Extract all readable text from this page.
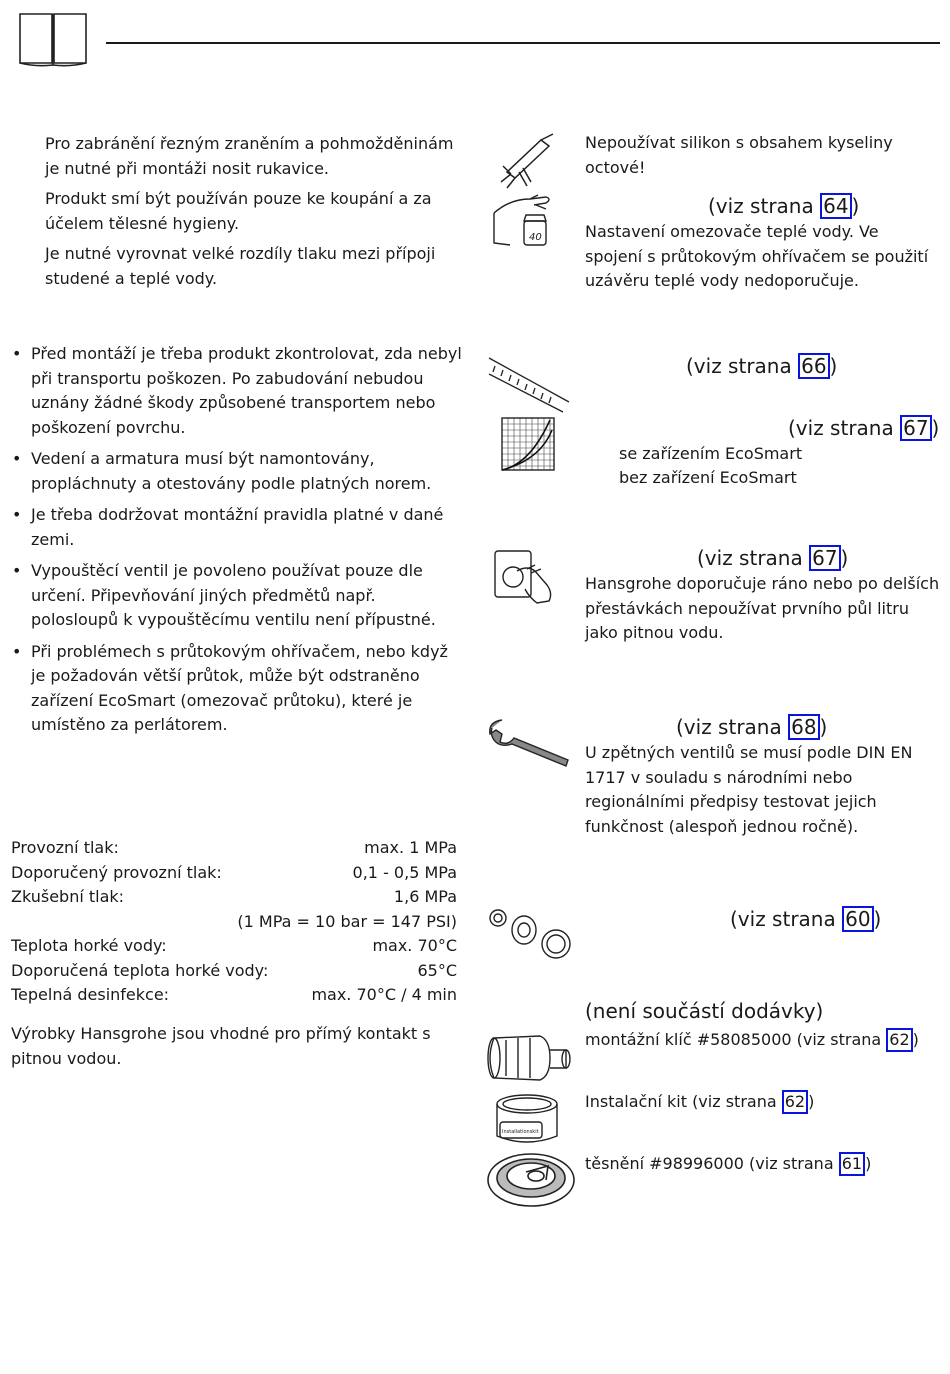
Pro zabránění řezným zraněním a pohmožděninám je nutné při montáži nosit rukavice.

Produkt smí být používán pouze ke koupání a za účelem tělesné hygieny.

Je nutné vyrovnat velké rozdíly tlaku mezi přípoji studené a teplé vody.

• Před montáží je třeba produkt zkontrolovat, zda nebyl při transportu poškozen. Po zabudování nebudou uznány žádné škody způsobené transportem nebo poškození povrchu.
• Vedení a armatura musí být namontovány, propláchnuty a otestovány podle platných norem.
• Je třeba dodržovat montážní pravidla platné v dané zemi.
• Vypouštěcí ventil je povoleno používat pouze dle určení. Připevňování jiných předmětů např. polosloupů k vypouštěcímu ventilu není přípustné.
• Při problémech s průtokovým ohřívačem, nebo když je požadován větší průtok, může být odstraněno zařízení EcoSmart (omezovač průtoku), které je umístěno za perlátorem.
Provozní tlak:	max. 1 MPa
Doporučený provozní tlak:	0,1 - 0,5 MPa
Zkušební tlak:	1,6 MPa
(1 MPa = 10 bar = 147 PSI)
Teplota horké vody:	max. 70°C
Doporučená teplota horké vody:	65°C
Tepelná desinfekce:	max. 70°C / 4 min
Výrobky Hansgrohe jsou vhodné pro přímý kontakt s pitnou vodou.
Nepoužívat silikon s obsahem kyseliny octové!
40
(viz strana 64 )
Nastavení omezovače teplé vody. Ve spojení s průtokovým ohřívačem se použití uzávěru teplé vody nedoporučuje.
(viz strana 66 )
(viz strana 67 )
se zařízením EcoSmart
bez zařízení EcoSmart
(viz strana 67 )
Hansgrohe doporučuje ráno nebo po delších přestávkách nepoužívat prvního půl litru jako pitnou vodu.
(viz strana 68 )
U zpětných ventilů se musí podle DIN EN 1717 v souladu s národními nebo regionálními předpisy testovat jejich funkčnost (alespoň jednou ročně).
(viz strana 60 )
(není součástí dodávky)
montážní klíč #58085000 (viz strana 62 )
Installationskit
Instalační kit (viz strana 62 )
těsnění #98996000 (viz strana 61 )
